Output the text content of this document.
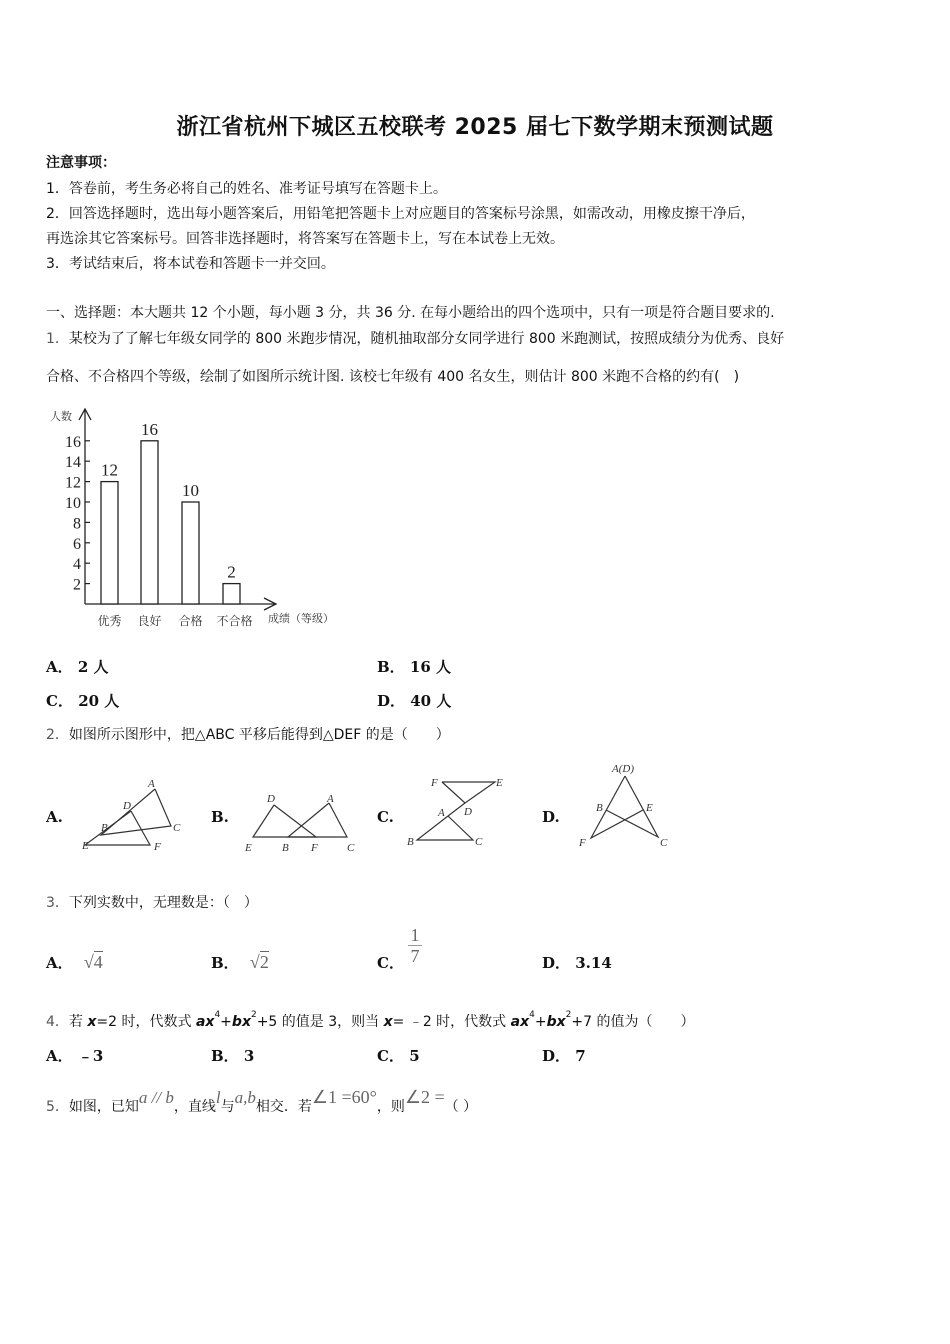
浙江省杭州下城区五校联考 2025 届七下数学期末预测试题
注意事项：
1．答卷前，考生务必将自己的姓名、准考证号填写在答题卡上。
2．回答选择题时，选出每小题答案后，用铅笔把答题卡上对应题目的答案标号涂黑，如需改动，用橡皮擦干净后，
再选涂其它答案标号。回答非选择题时，将答案写在答题卡上，写在本试卷上无效。
3．考试结束后，将本试卷和答题卡一并交回。
一、选择题：本大题共 12 个小题，每小题 3 分，共 36 分. 在每小题给出的四个选项中，只有一项是符合题目要求的.
1．某校为了了解七年级女同学的 800 米跑步情况，随机抽取部分女同学进行 800 米跑测试，按照成绩分为优秀、良好
合格、不合格四个等级，绘制了如图所示统计图. 该校七年级有 400 名女生，则估计 800 米跑不合格的约有(　)
人数
成绩（等级）
2
4
6
8
10
12
14
16
12
优秀
16
良好
10
合格
2
不合格
A． 2 人	B． 16 人
C． 20 人	D． 40 人
2．如图所示图形中，把△ABC 平移后能得到△DEF 的是（　　）
A.
A
D
B	C
E	F
B.
D	A
E	B F	C
C.
F	E
D
A
B	C
D.
A(D)
B	E
F	C
3．下列实数中，无理数是：（　）
A． √4	B． √2	C．
1
7	D． 3.14
4．若 x=2 时，代数式 $ax^4+bx^2+5$ 的值是 3，则当 x= ﹣2 时，代数式 $ax^4+bx^2+7$ 的值为（　　）
A． ﹣3	B． 3	C． 5	D． 7
5．如图，已知a // b，直线l与a,b相交．若∠1 =60°，则∠2 =（ ）
